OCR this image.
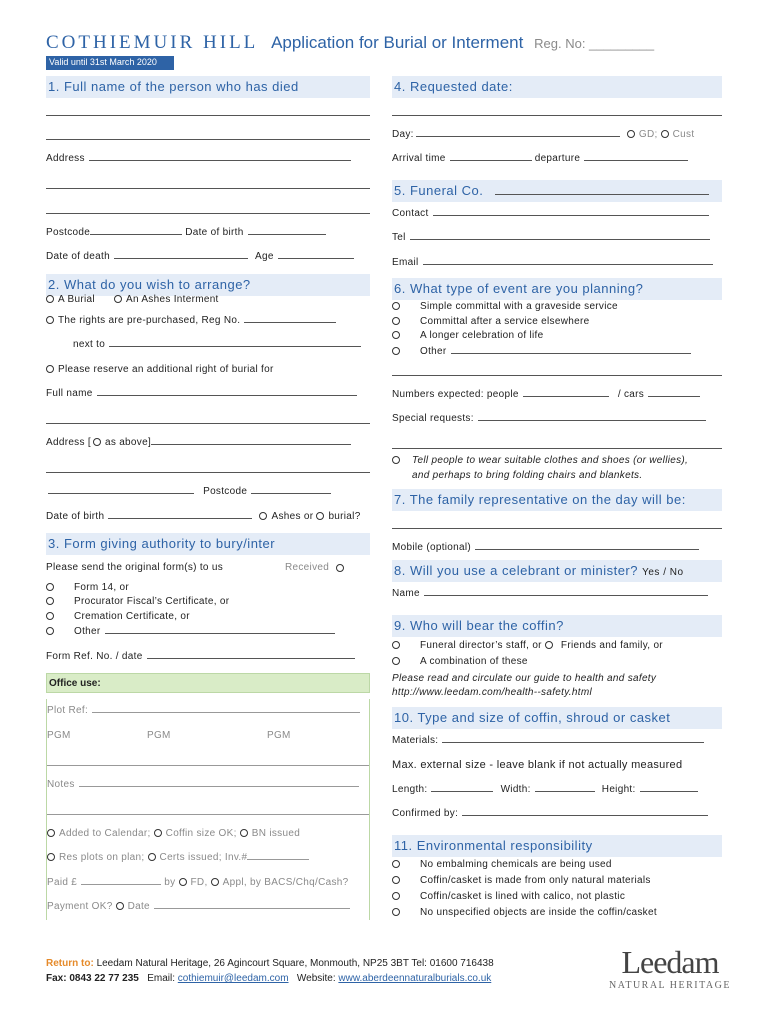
COTHIEMUIR HILL Application for Burial or Interment Reg. No: _________
Valid until 31st March 2020
1. Full name of the person who has died
Address
Postcode	Date of birth
Date of death	Age
2. What do you wish to arrange?
A Burial	An Ashes Interment
The rights are pre-purchased, Reg No.
next to
Please reserve an additional right of burial for
Full name
Address [ as above]
Postcode
Date of birth	Ashes or burial?
3. Form giving authority to bury/inter
Please send the original form(s) to us	Received
Form 14, or
Procurator Fiscal’s Certificate, or
Cremation Certificate, or
Other
Form Ref. No. / date
Office use:
Plot Ref:
PGM	PGM	PGM
Notes
Added to Calendar; Coffin size OK; BN issued
Res plots on plan; Certs issued; Inv.#
Paid £	by FD, Appl, by BACS/Chq/Cash?
Payment OK? Date
4. Requested date:
Day:	GD; Cust
Arrival time	departure
5. Funeral Co.
Contact
Tel
Email
6. What type of event are you planning?
Simple committal with a graveside service
Committal after a service elsewhere
A longer celebration of life
Other
Numbers expected: people	/ cars
Special requests:
Tell people to wear suitable clothes and shoes (or wellies),
and perhaps to bring folding chairs and blankets.
7. The family representative on the day will be:
Mobile (optional)
8. Will you use a celebrant or minister? Yes / No
Name
9. Who will bear the coffin?
Funeral director’s staff, or Friends and family, or
A combination of these
Please read and circulate our guide to health and safety
http://www.leedam.com/health--safety.html
10. Type and size of coffin, shroud or casket
Materials:
Max. external size - leave blank if not actually measured
Length:	Width:	Height:
Confirmed by:
11. Environmental responsibility
No embalming chemicals are being used
Coffin/casket is made from only natural materials
Coffin/casket is lined with calico, not plastic
No unspecified objects are inside the coffin/casket
Return to: Leedam Natural Heritage, 26 Agincourt Square, Monmouth, NP25 3BT Tel: 01600 716438
Fax: 0843 22 77 235 Email: cothiemuir@leedam.com Website: www.aberdeennaturalburials.co.uk	Leedam
NATURAL HERITAGE
